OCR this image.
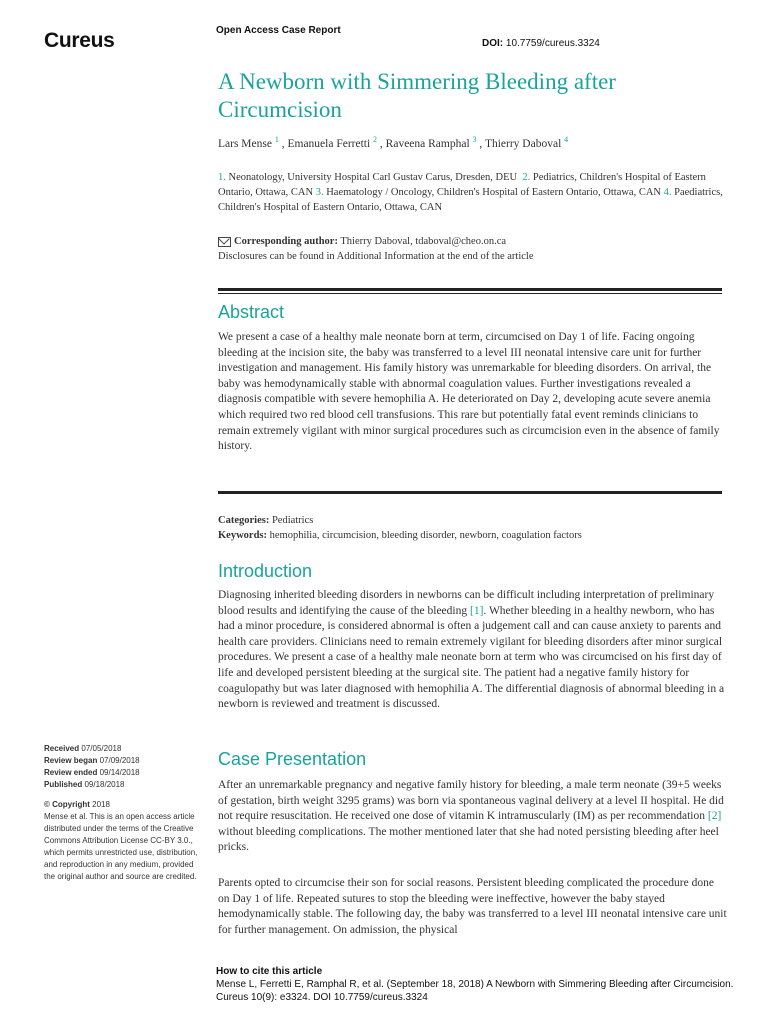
Cureus	Open Access Case Report
DOI: 10.7759/cureus.3324
A Newborn with Simmering Bleeding after Circumcision
Lars Mense $^1$ , Emanuela Ferretti $^2$ , Raveena Ramphal $^3$ , Thierry Daboval $^4$
1. Neonatology, University Hospital Carl Gustav Carus, Dresden, DEU 2. Pediatrics, Children's Hospital of Eastern Ontario, Ottawa, CAN 3. Haematology / Oncology, Children's Hospital of Eastern Ontario, Ottawa, CAN 4. Paediatrics, Children's Hospital of Eastern Ontario, Ottawa, CAN
Corresponding author: Thierry Daboval, tdaboval@cheo.on.ca
Disclosures can be found in Additional Information at the end of the article
Abstract

We present a case of a healthy male neonate born at term, circumcised on Day 1 of life. Facing ongoing bleeding at the incision site, the baby was transferred to a level III neonatal intensive care unit for further investigation and management. His family history was unremarkable for bleeding disorders. On arrival, the baby was hemodynamically stable with abnormal coagulation values. Further investigations revealed a diagnosis compatible with severe hemophilia A. He deteriorated on Day 2, developing acute severe anemia which required two red blood cell transfusions. This rare but potentially fatal event reminds clinicians to remain extremely vigilant with minor surgical procedures such as circumcision even in the absence of family history.

Categories: Pediatrics
Keywords: hemophilia, circumcision, bleeding disorder, newborn, coagulation factors
Introduction

Diagnosing inherited bleeding disorders in newborns can be difficult including interpretation of preliminary blood results and identifying the cause of the bleeding [1]. Whether bleeding in a healthy newborn, who has had a minor procedure, is considered abnormal is often a judgement call and can cause anxiety to parents and health care providers. Clinicians need to remain extremely vigilant for bleeding disorders after minor surgical procedures. We present a case of a healthy male neonate born at term who was circumcised on his first day of life and developed persistent bleeding at the surgical site. The patient had a negative family history for coagulopathy but was later diagnosed with hemophilia A. The differential diagnosis of abnormal bleeding in a newborn is reviewed and treatment is discussed.

Case Presentation

After an unremarkable pregnancy and negative family history for bleeding, a male term neonate (39+5 weeks of gestation, birth weight 3295 grams) was born via spontaneous vaginal delivery at a level II hospital. He did not require resuscitation. He received one dose of vitamin K intramuscularly (IM) as per recommendation [2] without bleeding complications. The mother mentioned later that she had noted persisting bleeding after heel pricks.

Parents opted to circumcise their son for social reasons. Persistent bleeding complicated the procedure done on Day 1 of life. Repeated sutures to stop the bleeding were ineffective, however the baby stayed hemodynamically stable. The following day, the baby was transferred to a level III neonatal intensive care unit for further management. On admission, the physical

Received 07/05/2018
Review began 07/09/2018
Review ended 09/14/2018
Published 09/18/2018
© Copyright 2018
Mense et al. This is an open access article distributed under the terms of the Creative Commons Attribution License CC-BY 3.0., which permits unrestricted use, distribution, and reproduction in any medium, provided the original author and source are credited.
How to cite this article
Mense L, Ferretti E, Ramphal R, et al. (September 18, 2018) A Newborn with Simmering Bleeding after Circumcision. Cureus 10(9): e3324. DOI 10.7759/cureus.3324
